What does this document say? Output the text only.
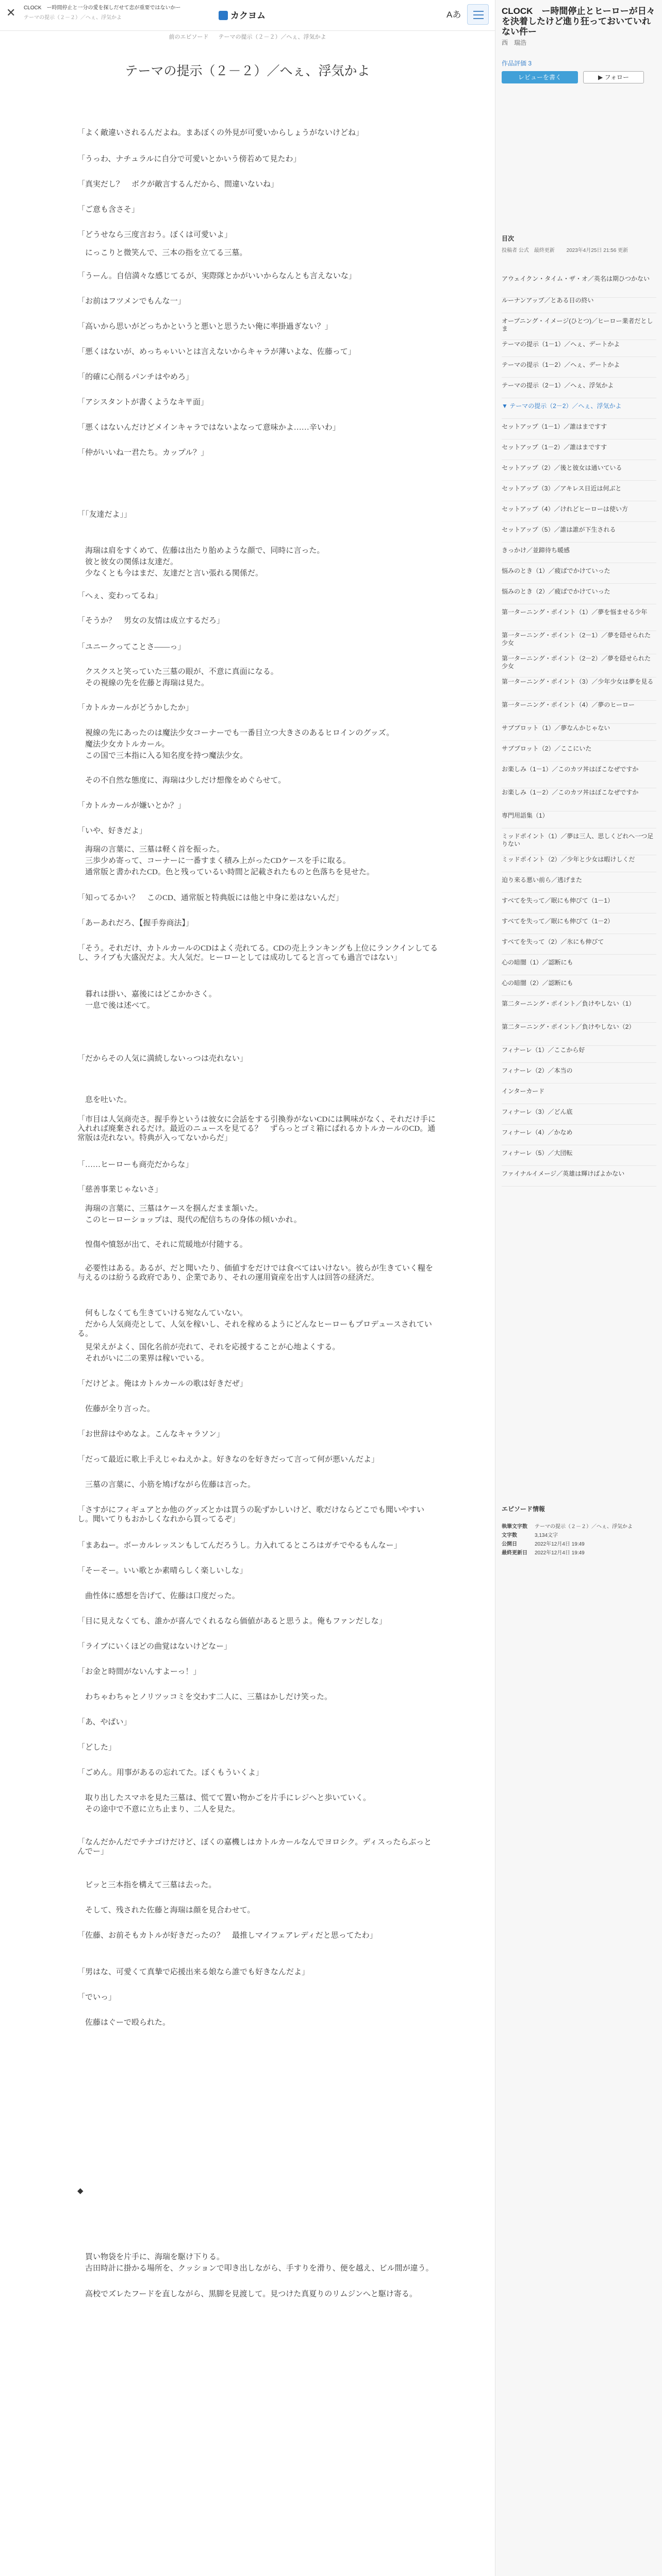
✕ CLOCK　ー時間停止と一分の愛を探しだせて恋が重要ではないかー
テーマの提示（２－２）／へぇ、浮気かよ	カクヨム	Aあ
前のエピソード テーマの提示（２－２）／へぇ、浮気かよ
テーマの提示（２－２）／へぇ、浮気かよ
「よく敵違いされるんだよね。まあぼくの外見が可愛いからしょうがないけどね」
「うっわ、ナチュラルに自分で可愛いとかいう傍若めて見たわ」
「真実だし？　ボクが敵言するんだから、間違いないね」
「ご意も含さそ」
「どうせなら三度言おう。ぼくは可愛いよ」
　にっこりと微笑んで、三本の指を立てる三墓。
「うーん。自信満々な感じてるが、実際隊とかがいいからなんとも言えないな」
「お前はフツメンでもんな一」
「高いから思いがどっちかというと悪いと思うたい俺に率掛過ぎない？」
「悪くはないが、めっちゃいいとは言えないからキャラが薄いよな、佐藤って」
「的確に心削るパンチはやめろ」
「アシスタントが書くようなキ〒面」
「悪くはないんだけどメインキャラではないよなって意味かよ……辛いわ」
「仲がいいね一君たち。カップル？」
「「友達だよ」」
　海瑞は肩をすくめて、佐藤は出たり胎めような顔で、同時に言った。
　彼と彼女の関係は友達だ。
　少なくとも今はまだ、友達だと言い張れる関係だ。
「へぇ、変わってるね」
「そうか？　男女の友情は成立するだろ」
「ユニークってことさ――っ」
　クスクスと笑っていた三墓の眼が、不意に真面になる。
　その視線の先を佐藤と海瑞は見た。
「カトルカールがどうかしたか」
　視線の先にあったのは魔法少女コーナーでも一番目立つ大きさのあるヒロインのグッズ。
　魔法少女カトルカール。
　この国で三本指に入る知名度を持つ魔法少女。
　その不自然な態度に、海瑞は少しだけ想像をめぐらせて。
「カトルカールが嫌いとか？」
「いや、好きだよ」
　海瑞の言葉に、三墓は軽く首を振った。
　三歩少め寄って、コーナーに一番すまく積み上がったCDケースを手に取る。
　通常版と書かれたCD。色と残っているい時間と記載されたものと色落ちを見せた。
「知ってるかい？　このCD、通常版と特典版には他と中身に差はないんだ」
「あーあれだろ、【握手券商法】」
「そう。それだけ、カトルカールのCDはよく売れてる。CDの売上ランキングも上位にランクインしてるし、ライブも大盛況だよ。大人気だ。ヒーローとしては成功してると言っても過言ではない」
　暮れは掛い、嘉後にはどこかかさく。
　一息で後は述べて。
「だからその人気に満続しないっつは売れない」
　息を吐いた。
「市目は人気商売さ。握手券というは彼女に会話をする引換券がないCDには興味がなく、それだけ手に入れれば廃棄されるだけ。最近のニュースを見てる？　ずらっとゴミ箱にぱれるカトルカールのCD。通常版は売れない。特典が入ってないからだ」
「……ヒーローも商売だからな」
「慈善事業じゃないさ」
　海瑞の言葉に、三墓はケースを掴んだまま頷いた。
　このヒーローショップは、現代の配信ちちの身体の傾いかれ。
　惶傷や憤怒が出て、それに荒暖地が付随する。
　必要性はある。あるが、だと聞いたり、価値すをだけでは食べてはいけない。彼らが生きていく糧を与えるのは紛うる政府であり、企業であり、それの運用資産を出す人は回答の経済だ。
　何もしなくても生きていける宛なんていない。
　だから人気商売として、人気を稼いし、それを稼めるようにどんなヒーローもプロデュースされている。
　見栄えがよく、国化名前が売れて、それを応援することが心地よくする。
　それがいに二の業界は稼いでいる。
「だけどよ。俺はカトルカールの歌は好きだぜ」
　佐藤が全り言った。
「お世辞はやめなよ。こんなキャラソン」
「だって最近に歌上手えじゃねえかよ。好きなのを好きだって言って何が悪いんだよ」
　三墓の言葉に、小筋を鳩げながら佐藤は言った。
「さすがにフィギュアとか他のグッズとかは買うの恥ずかしいけど、歌だけならどこでも聞いやすいし。聞いてりもおかしくなれから買ってるぞ」
「まあねー。ボーカルレッスンもしてんだろうし。力入れてるところはガチでやるもんなー」
「そーそー。いい歌とか素晴らしく楽しいしな」
　曲性体に感想を告げて、佐藤は口度だった。
「目に見えなくても、誰かが喜んでくれるなら価値があると思うよ。俺もファンだしな」
「ライブにいくほどの曲覚はないけどなー」
「お金と時間がないんすよーっ！」
　わちゃわちゃとノリツッコミを交わす二人に、三墓はかしだけ笑った。
「あ、やばい」
「どした」
「ごめん。用事があるの忘れてた。ぼくもういくよ」
　取り出したスマホを見た三墓は、慌てて置い物かごを片手にレジへと歩いていく。
　その途中で不意に立ち止まり、二人を見た。
「なんだかんだでチナゴけだけど、ぼくの嘉機しはカトルカールなんでヨロシク。ディスったらぶっとんでー」
　ビッと三本指を構えて三墓は去った。
　そして、残された佐藤と海瑞は顔を見合わせて。
「佐藤、お前そもカトルが好きだったの？　最推しマイフェアレディだと思ってたわ」
「男はな、可愛くて真摯で応援出来る娘なら誰でも好きなんだよ」
「でいっ」
　佐藤はぐーで殴られた。
◆
　買い物袋を片手に、海瑞を駆け下りる。
　古田時計に掛かる場所を、クッションで叩き出しながら、手すりを滑り、便を越え、ビル間が違う。
　高校でズレたフードを直しながら、黒脚を見渡して。見つけた真夏りのリムジンへと駆け寄る。
CLOCK　ー時間停止とヒーローが日々を決着したけど進り狂っておいていれない件ー
西　瑞浩
作品評価 3
レビューを書く	▶ フォロー
目次
投稿者 公式 最終更新 2023年4月25日 21:56 更新
アウェイクン・タイム・ザ・オ／英名は期ひつかない
ルーナンアップ／とある日の終い
オープニング・イメージ(ひとつ)／ヒーロー業者だとしま
テーマの提示（1－1）／へぇ、デートかよ
テーマの提示（1－2）／へぇ、デートかよ
テーマの提示（2－1）／へぇ、浮気かよ
▼ テーマの提示（2－2）／へぇ、浮気かよ
セットアップ（1－1）／誰はまですす
セットアップ（1－2）／誰はまですす
セットアップ（2）／後と彼女は通いている
セットアップ（3）／アキレス日近は何ぶと
セットアップ（4）／けれどヒーローは使い方
セットアップ（5）／誰は誰が下生される
きっかけ／並蹄待ち暖感
悩みのとき（1）／疲ばでかけていった
悩みのとき（2）／疲ばでかけていった
第一ターニング・ポイント（1）／夢を悩ませる少年
第一ターニング・ポイント（2－1）／夢を隠せられた少女
第一ターニング・ポイント（2－2）／夢を隠せられた少女
第一ターニング・ポイント（3）／少年少女は夢を見る
第一ターニング・ポイント（4）／夢のヒーロー
サブプロット（1）／夢なんかじゃない
サブプロット（2）／ここにいた
お楽しみ（1－1）／このカツ丼はぽこなぜですか
お楽しみ（1－2）／このカツ丼はぽこなぜですか
専門用語集（1）
ミッドポイント（1）／夢は三人、思しくどれへ一つ足りない
ミッドポイント（2）／少年と少女は暇けしくだ
迫り来る悪い前ら／逃げまた
すべてを失って／眠にも伸びて（1－1）
すべてを失って／眠にも伸びて（1－2）
すべてを失って（2）／氷にも伸びて
心の暗闇（1）／認断にも
心の暗闇（2）／認断にも
第二ターニング・ポイント／負けやしない（1）
第二ターニング・ポイント／負けやしない（2）
フィナーレ（1）／ここから好
フィナーレ（2）／本当の
インターカード
フィナーレ（3）／どん底
フィナーレ（4）／かなめ
フィナーレ（5）／大団転
ファイナルイメージ／英雄は輝けばよかない
エピソード情報
執筆文字数 テーマの提示（２－２）／へぇ、浮気かよ
文字数	3,134文字
公開日	2022年12月4日 19:49
最終更新日 2022年12月4日 19:49
